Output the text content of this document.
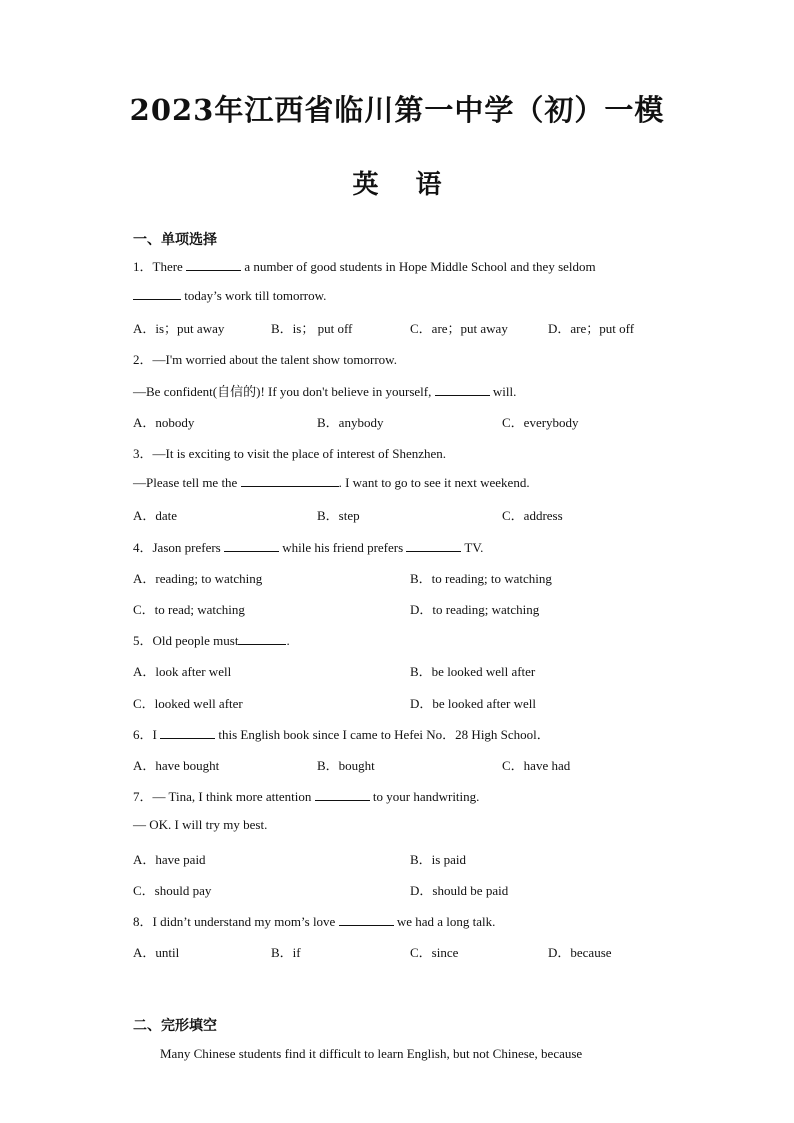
2023年江西省临川第一中学（初）一模
英 语
一、单项选择
1．There	a number of good students in Hope Middle School and they seldom
today’s work till tomorrow.
A．is；put away	B．is； put off	C．are；put away	D．are；put off
2．—I'm worried about the talent show tomorrow.
—Be confident(自信的)! If you don't believe in yourself,	will.
A．nobody	B．anybody	C．everybody
3．—It is exciting to visit the place of interest of Shenzhen.
—Please tell me the	. I want to go to see it next weekend.
A．date	B．step	C．address
4．Jason prefers	while his friend prefers	TV.
A．reading; to watching	B．to reading; to watching
C．to read; watching	D．to reading; watching
5．Old people must	.
A．look after well	B．be looked well after
C．looked well after	D．be looked after well
6．I	this English book since I came to Hefei No．28 High School．
A．have bought	B．bought	C．have had
7．— Tina, I think more attention	to your handwriting.
— OK. I will try my best.
A．have paid	B．is paid
C．should pay	D．should be paid
8．I didn’t understand my mom’s love	we had a long talk.
A．until	B．if	C．since	D．because
二、完形填空
Many Chinese students find it difficult to learn English, but not Chinese, because
